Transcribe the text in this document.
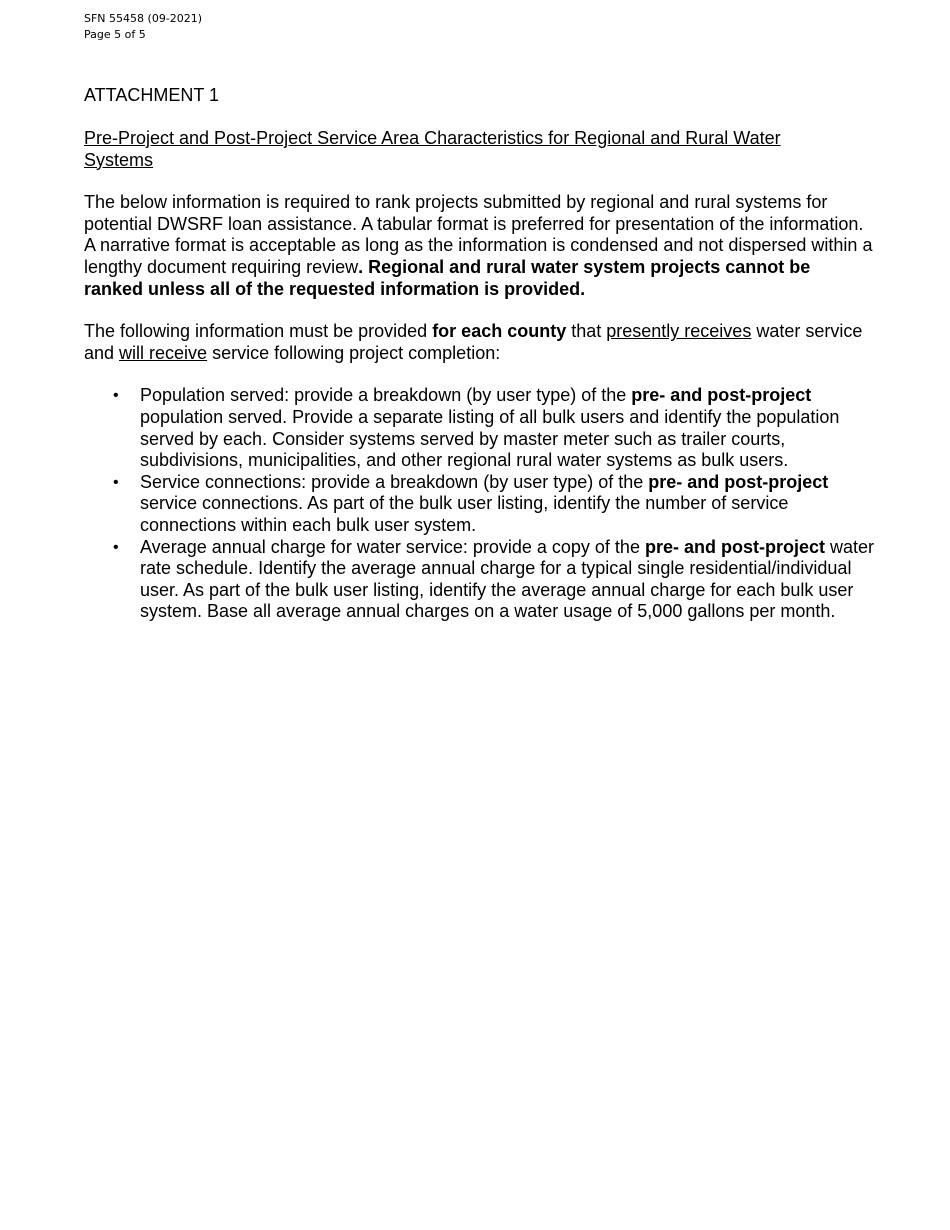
SFN 55458 (09-2021)
Page 5 of 5
ATTACHMENT 1
Pre-Project and Post-Project Service Area Characteristics for Regional and Rural Water Systems

The below information is required to rank projects submitted by regional and rural systems for potential DWSRF loan assistance. A tabular format is preferred for presentation of the information. A narrative format is acceptable as long as the information is condensed and not dispersed within a lengthy document requiring review. Regional and rural water system projects cannot be ranked unless all of the requested information is provided.

The following information must be provided for each county that presently receives water service and will receive service following project completion:

• Population served: provide a breakdown (by user type) of the pre- and post-project population served. Provide a separate listing of all bulk users and identify the population served by each. Consider systems served by master meter such as trailer courts, subdivisions, municipalities, and other regional rural water systems as bulk users.
• Service connections: provide a breakdown (by user type) of the pre- and post-project service connections. As part of the bulk user listing, identify the number of service connections within each bulk user system.
• Average annual charge for water service: provide a copy of the pre- and post-project water rate schedule. Identify the average annual charge for a typical single residential/individual user. As part of the bulk user listing, identify the average annual charge for each bulk user system. Base all average annual charges on a water usage of 5,000 gallons per month.
